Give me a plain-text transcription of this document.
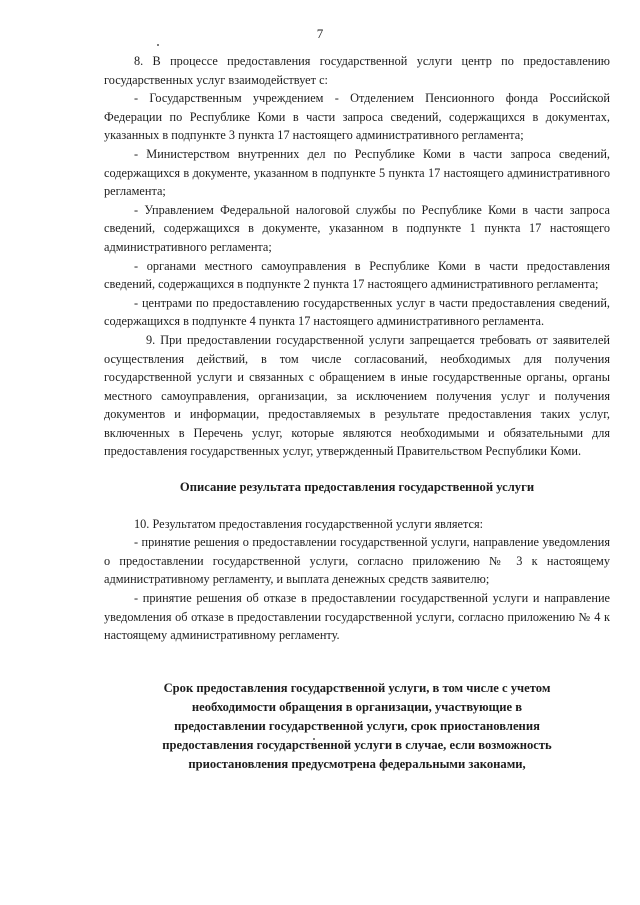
7

8. В процессе предоставления государственной услуги центр по предоставлению государственных услуг взаимодействует с:

- Государственным учреждением - Отделением Пенсионного фонда Российской Федерации по Республике Коми в части запроса сведений, содержащихся в документах, указанных в подпункте 3 пункта 17 настоящего административного регламента;

- Министерством внутренних дел по Республике Коми в части запроса сведений, содержащихся в документе, указанном в подпункте 5 пункта 17 настоящего административного регламента;

- Управлением Федеральной налоговой службы по Республике Коми в части запроса сведений, содержащихся в документе, указанном в подпункте 1 пункта 17 настоящего административного регламента;

- органами местного самоуправления в Республике Коми в части предоставления сведений, содержащихся в подпункте 2 пункта 17 настоящего административного регламента;

- центрами по предоставлению государственных услуг в части предоставления сведений, содержащихся в подпункте 4 пункта 17 настоящего административного регламента.

9. При предоставлении государственной услуги запрещается требовать от заявителей осуществления действий, в том числе согласований, необходимых для получения государственной услуги и связанных с обращением в иные государственные органы, органы местного самоуправления, организации, за исключением получения услуг и получения документов и информации, предоставляемых в результате предоставления таких услуг, включенных в Перечень услуг, которые являются необходимыми и обязательными для предоставления государственных услуг, утвержденный Правительством Республики Коми.

Описание результата предоставления государственной услуги

10. Результатом предоставления государственной услуги является:

- принятие решения о предоставлении государственной услуги, направление уведомления о предоставлении государственной услуги, согласно приложению № 3 к настоящему административному регламенту, и выплата денежных средств заявителю;

- принятие решения об отказе в предоставлении государственной услуги и направление уведомления об отказе в предоставлении государственной услуги, согласно приложению № 4 к настоящему административному регламенту.

Срок предоставления государственной услуги, в том числе с учетом
необходимости обращения в организации, участвующие в
предоставлении государственной услуги, срок приостановления
предоставления государственной услуги в случае, если возможность
приостановления предусмотрена федеральными законами,
